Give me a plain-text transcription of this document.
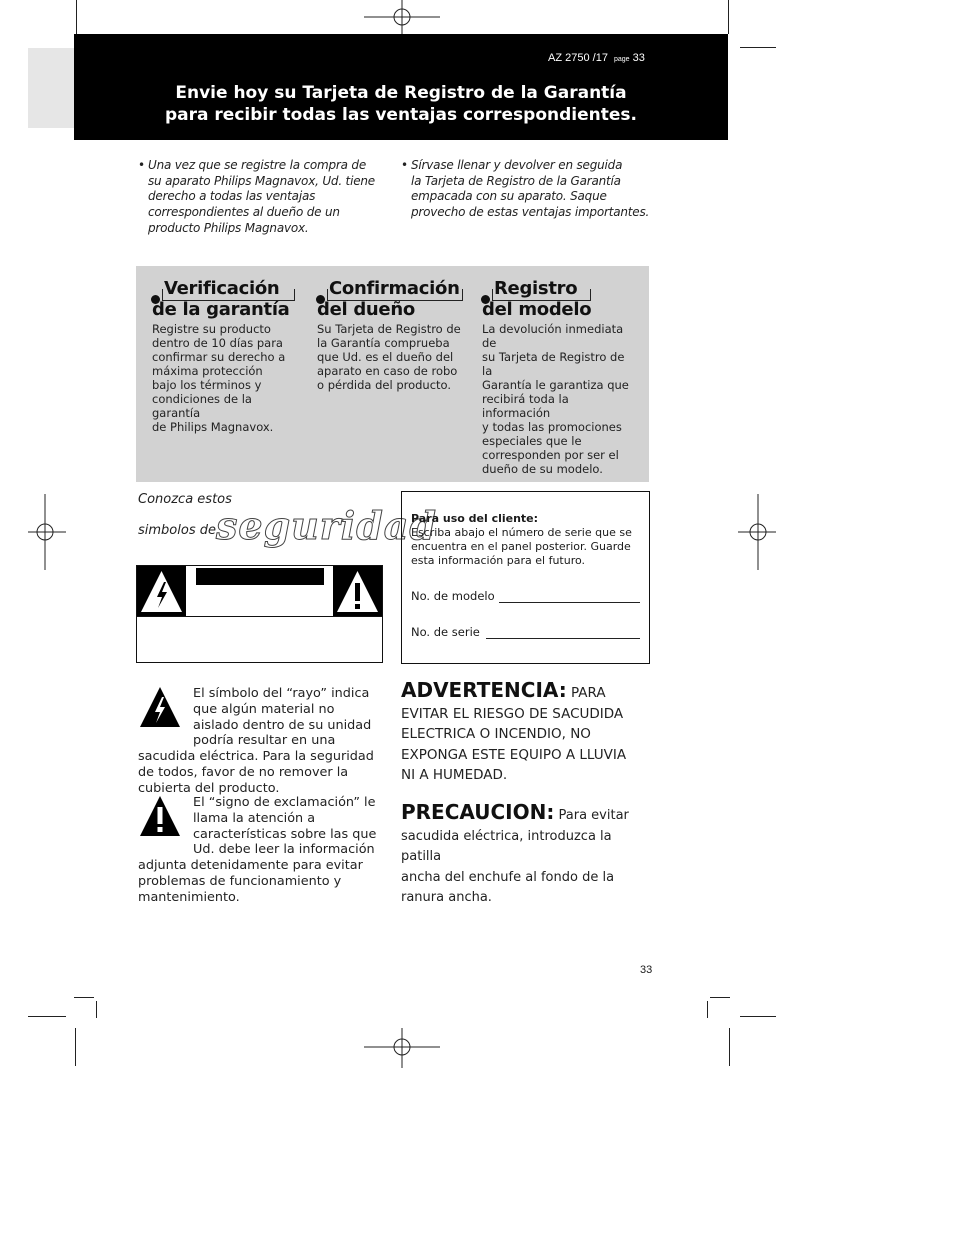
AZ 2750 /17 page 33
Envie hoy su Tarjeta de Registro de la Garantía
para recibir todas las ventajas correspondientes.
• Una vez que se registre la compra de
su aparato Philips Magnavox, Ud. tiene
derecho a todas las ventajas
correspondientes al dueño de un
producto Philips Magnavox.
• Sírvase llenar y devolver en seguida
la Tarjeta de Registro de la Garantía
empacada con su aparato. Saque
provecho de estas ventajas importantes.
Verificación
de la garantía
Registre su producto
dentro de 10 días para
confirmar su derecho a
máxima protección
bajo los términos y
condiciones de la garantía
de Philips Magnavox.
Confirmación
del dueño
Su Tarjeta de Registro de
la Garantía comprueba
que Ud. es el dueño del
aparato en caso de robo
o pérdida del producto.
Registro
del modelo
La devolución inmediata de
su Tarjeta de Registro de la
Garantía le garantiza que
recibirá toda la información
y todas las promociones
especiales que le
corresponden por ser el
dueño de su modelo.
Conozca estos
simbolos de seguridad
Para uso del cliente:
Escriba abajo el número de serie que se encuentra en el panel posterior. Guarde esta información para el futuro.
No. de modelo
No. de serie
El símbolo del “rayo” indica que algún material no aislado dentro de su unidad podría resultar en una sacudida eléctrica. Para la seguridad de todos, favor de no remover la cubierta del producto.
El “signo de exclamación” le llama la atención a características sobre las que Ud. debe leer la información adjunta detenidamente para evitar problemas de funcionamiento y mantenimiento.
ADVERTENCIA: PARA
EVITAR EL RIESGO DE SACUDIDA
ELECTRICA O INCENDIO, NO
EXPONGA ESTE EQUIPO A LLUVIA
NI A HUMEDAD.
PRECAUCION: Para evitar
sacudida eléctrica, introduzca la patilla
ancha del enchufe al fondo de la
ranura ancha.
33
